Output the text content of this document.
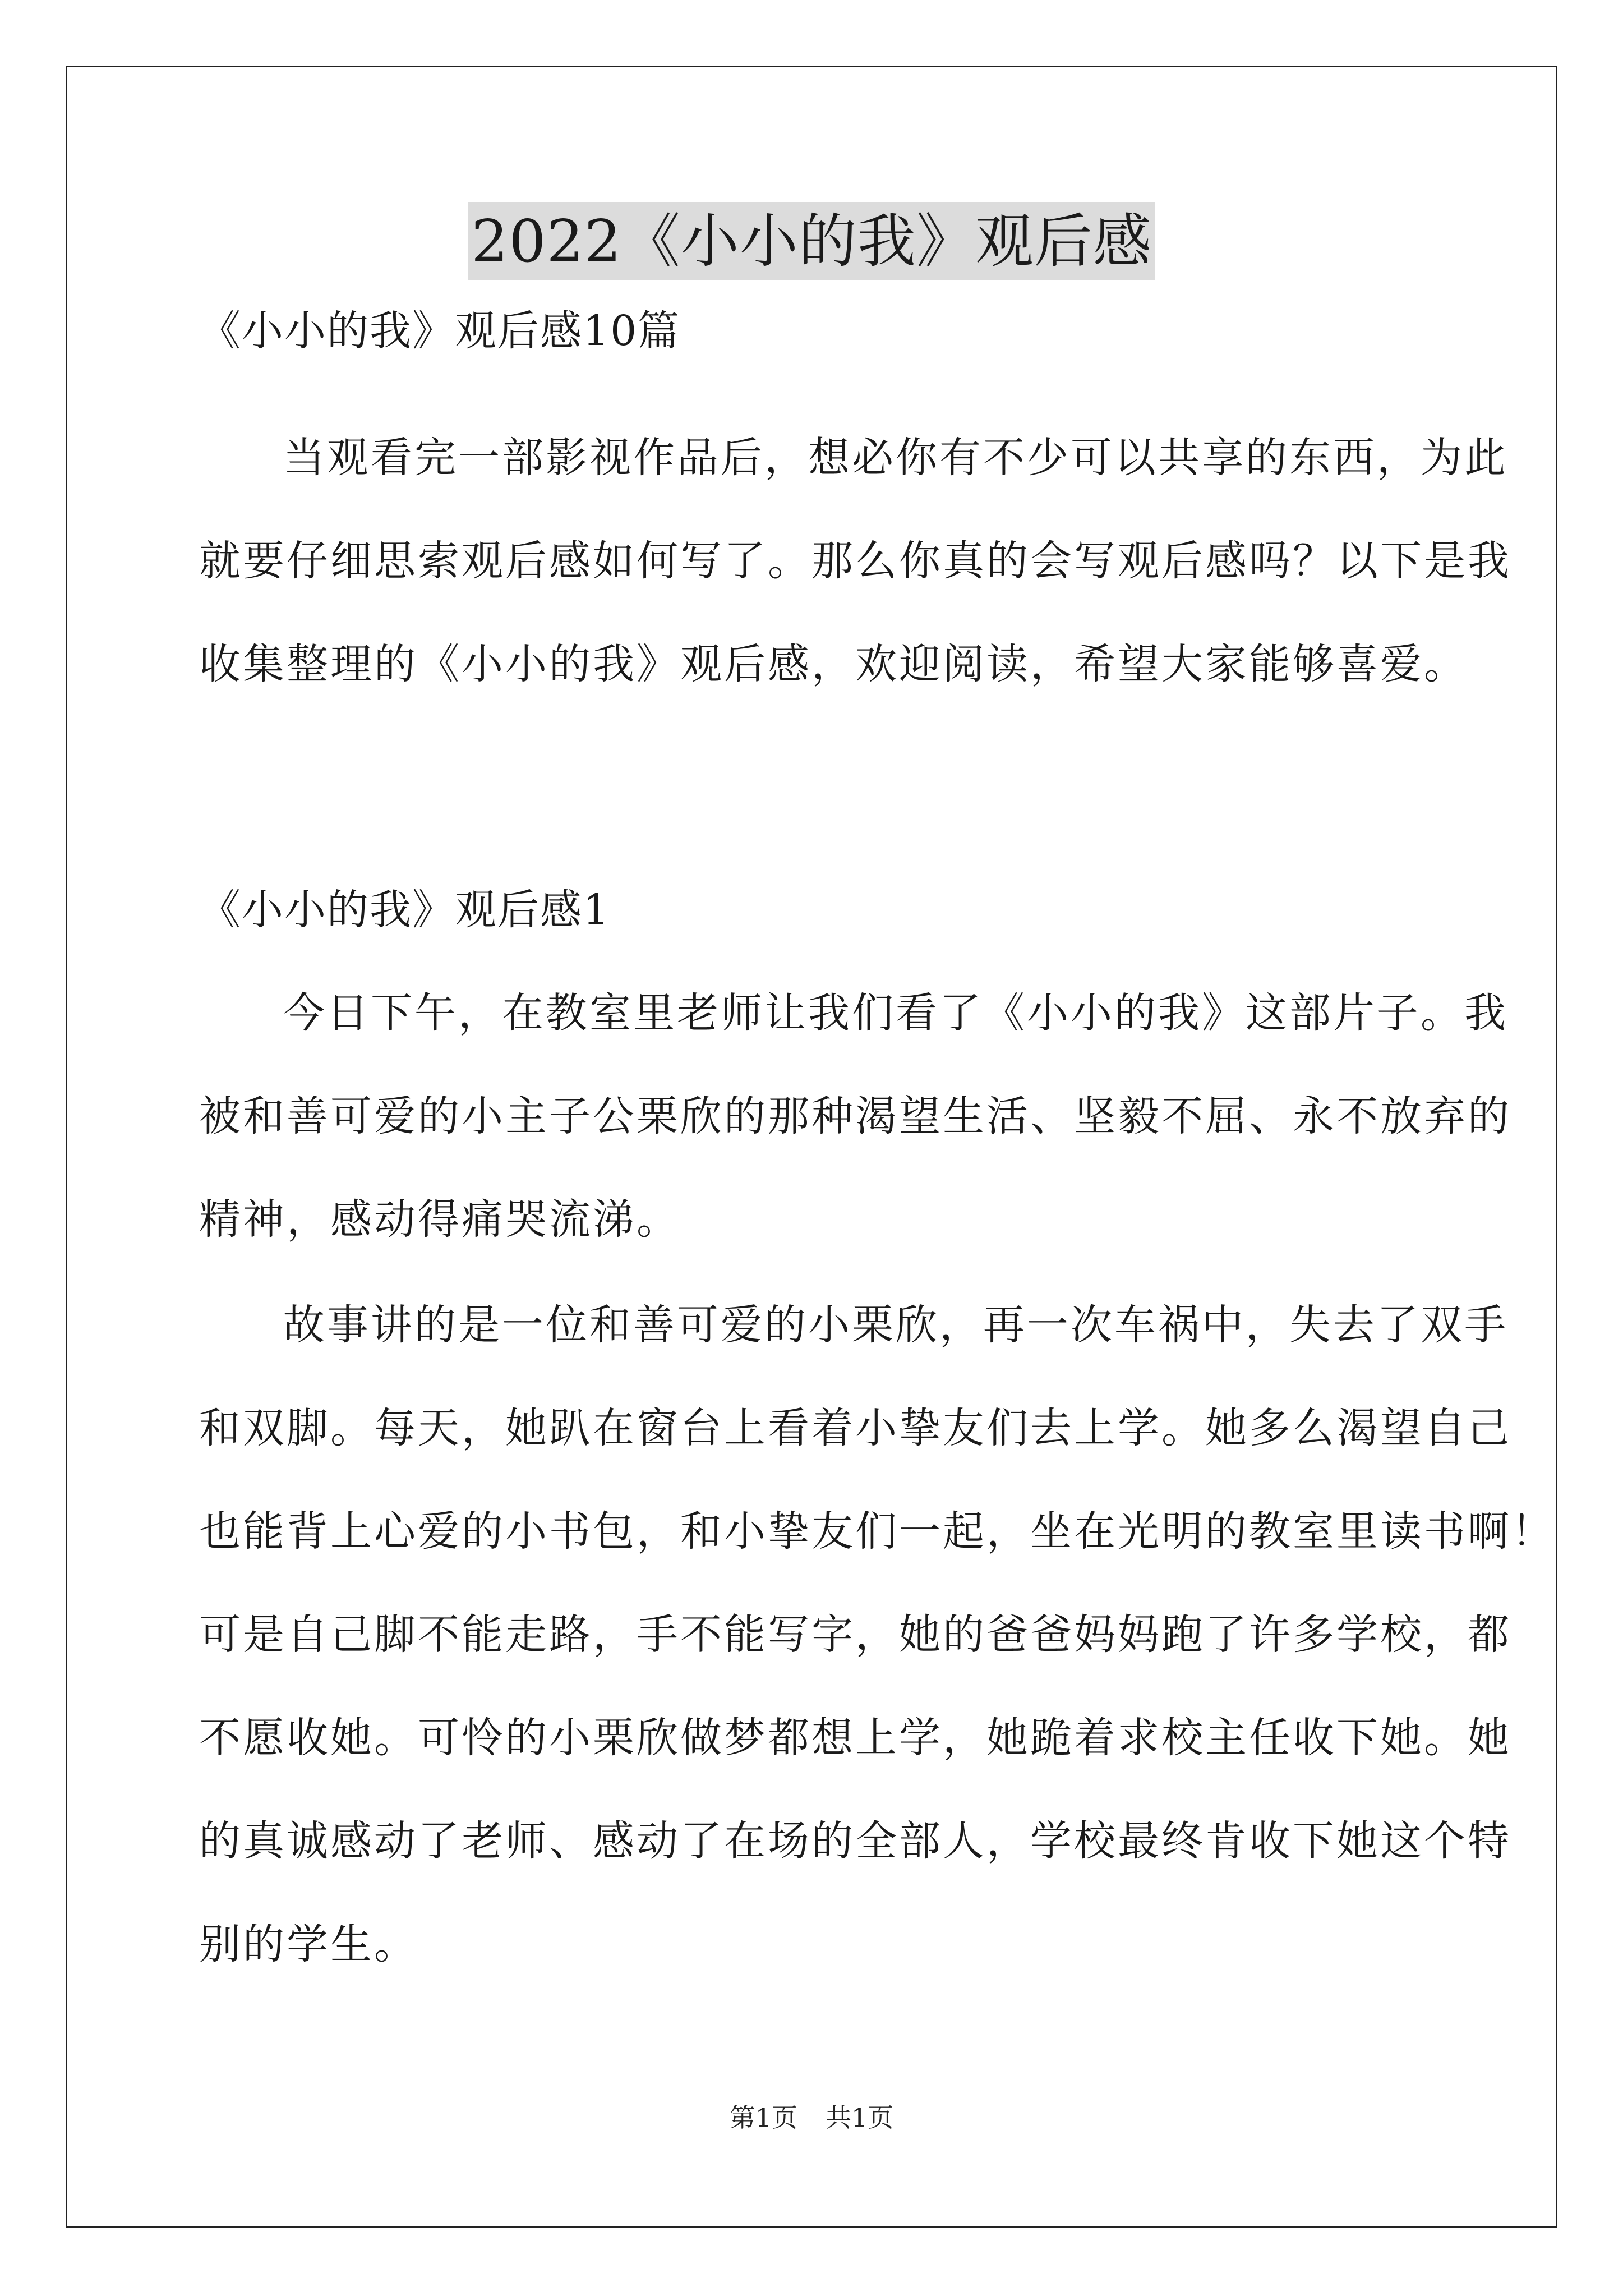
2022《小小的我》观后感
《小小的我》观后感10篇
当观看完一部影视作品后，想必你有不少可以共享的东西，为此
就要仔细思索观后感如何写了。那么你真的会写观后感吗？以下是我
收集整理的《小小的我》观后感，欢迎阅读，希望大家能够喜爱。
《小小的我》观后感1
今日下午，在教室里老师让我们看了《小小的我》这部片子。我
被和善可爱的小主子公栗欣的那种渴望生活、坚毅不屈、永不放弃的
精神，感动得痛哭流涕。
故事讲的是一位和善可爱的小栗欣，再一次车祸中，失去了双手
和双脚。每天，她趴在窗台上看着小挚友们去上学。她多么渴望自己
也能背上心爱的小书包，和小挚友们一起，坐在光明的教室里读书啊！
可是自己脚不能走路，手不能写字，她的爸爸妈妈跑了许多学校，都
不愿收她。可怜的小栗欣做梦都想上学，她跪着求校主任收下她。她
的真诚感动了老师、感动了在场的全部人，学校最终肯收下她这个特
别的学生。
第1页 共1页
